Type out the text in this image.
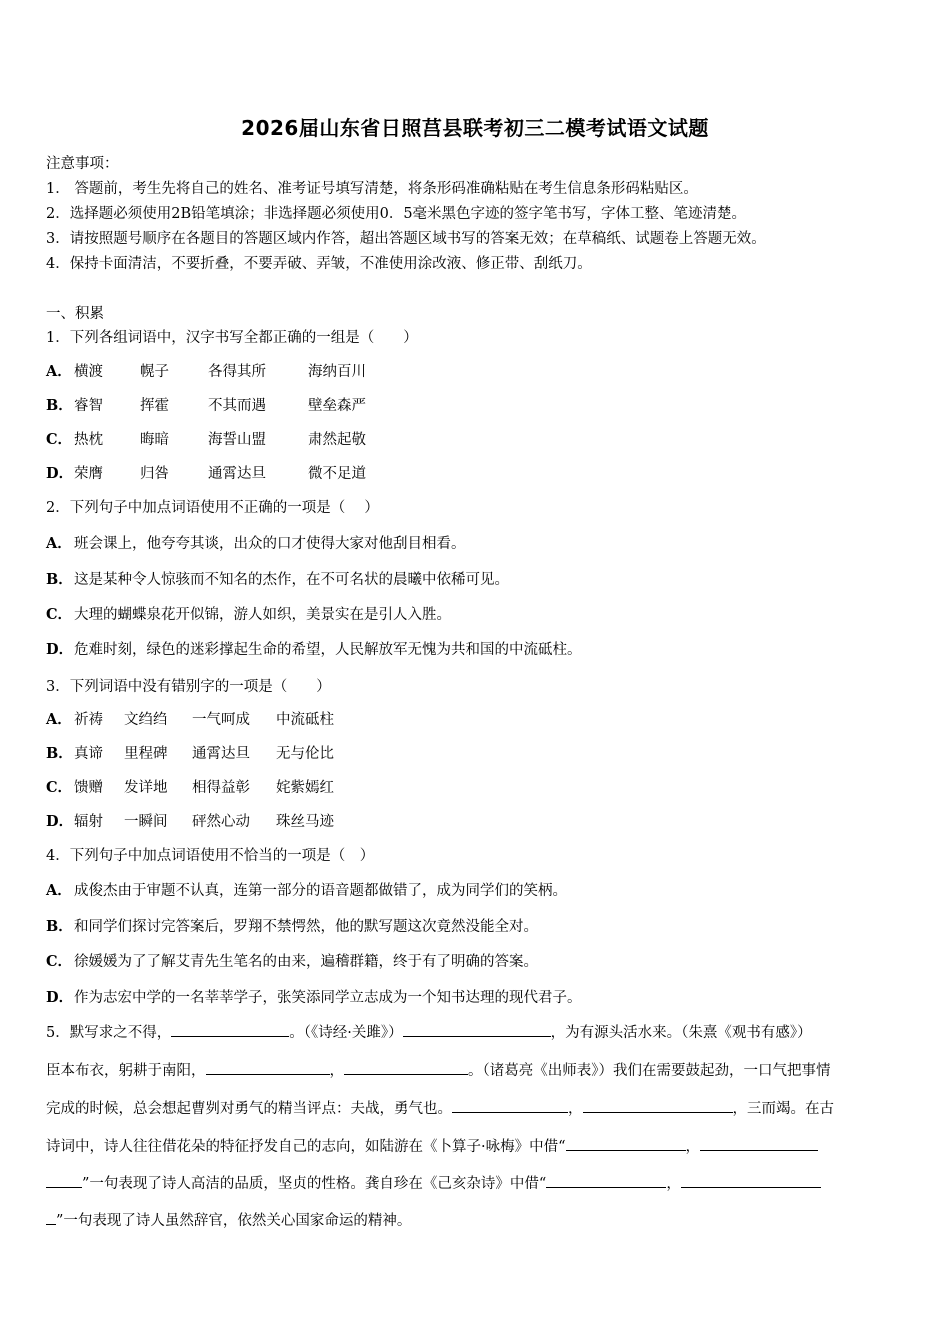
2026届山东省日照莒县联考初三二模考试语文试题
注意事项：
1． 答题前，考生先将自己的姓名、准考证号填写清楚，将条形码准确粘贴在考生信息条形码粘贴区。
2．选择题必须使用2B铅笔填涂；非选择题必须使用0．5毫米黑色字迹的签字笔书写，字体工整、笔迹清楚。
3．请按照题号顺序在各题目的答题区域内作答，超出答题区域书写的答案无效；在草稿纸、试题卷上答题无效。
4．保持卡面清洁，不要折叠，不要弄破、弄皱，不准使用涂改液、修正带、刮纸刀。
一、积累
1．下列各组词语中，汉字书写全都正确的一组是（　　）
A． 横渡	幌子	各得其所	海纳百川
B．睿智	挥霍	不其而遇	壁垒森严
C． 热枕	晦暗	海誓山盟	肃然起敬
D．荣膺	归咎	通霄达旦	微不足道
2．下列句子中加点词语使用不正确的一项是（　 ）
A． 班会课上，他夸夸其谈，出众的口才使得大家对他刮目相看。
B．这是某种令人惊骇而不知名的杰作，在不可名状的晨曦中依稀可见。
C． 大理的蝴蝶泉花开似锦，游人如织，美景实在是引人入胜。
D．危难时刻，绿色的迷彩撑起生命的希望，人民解放军无愧为共和国的中流砥柱。
3．下列词语中没有错别字的一项是（　　）
A． 祈祷 文绉绉 一气呵成 中流砥柱
B．真谛 里程碑 通霄达旦 无与伦比
C． 馈赠 发详地 相得益彰 姹紫嫣红
D．辐射 一瞬间 砰然心动 珠丝马迹
4．下列句子中加点词语使用不恰当的一项是（　）
A． 成俊杰由于审题不认真，连第一部分的语音题都做错了，成为同学们的笑柄。
B．和同学们探讨完答案后，罗翔不禁愕然，他的默写题这次竟然没能全对。
C． 徐媛媛为了了解艾青先生笔名的由来，遍稽群籍，终于有了明确的答案。
D．作为志宏中学的一名莘莘学子，张笑添同学立志成为一个知书达理的现代君子。
5．默写求之不得，	。（《诗经·关雎》）	，为有源头活水来。（朱熹《观书有感》）
臣本布衣，躬耕于南阳，	，	。（诸葛亮《出师表》）我们在需要鼓起劲，一口气把事情
完成的时候，总会想起曹刿对勇气的精当评点：夫战，勇气也。	，	，三而竭。在古
诗词中，诗人往往借花朵的特征抒发自己的志向，如陆游在《卜算子·咏梅》中借“	，
”一句表现了诗人高洁的品质，坚贞的性格。龚自珍在《己亥杂诗》中借“	，
”一句表现了诗人虽然辞官，依然关心国家命运的精神。
